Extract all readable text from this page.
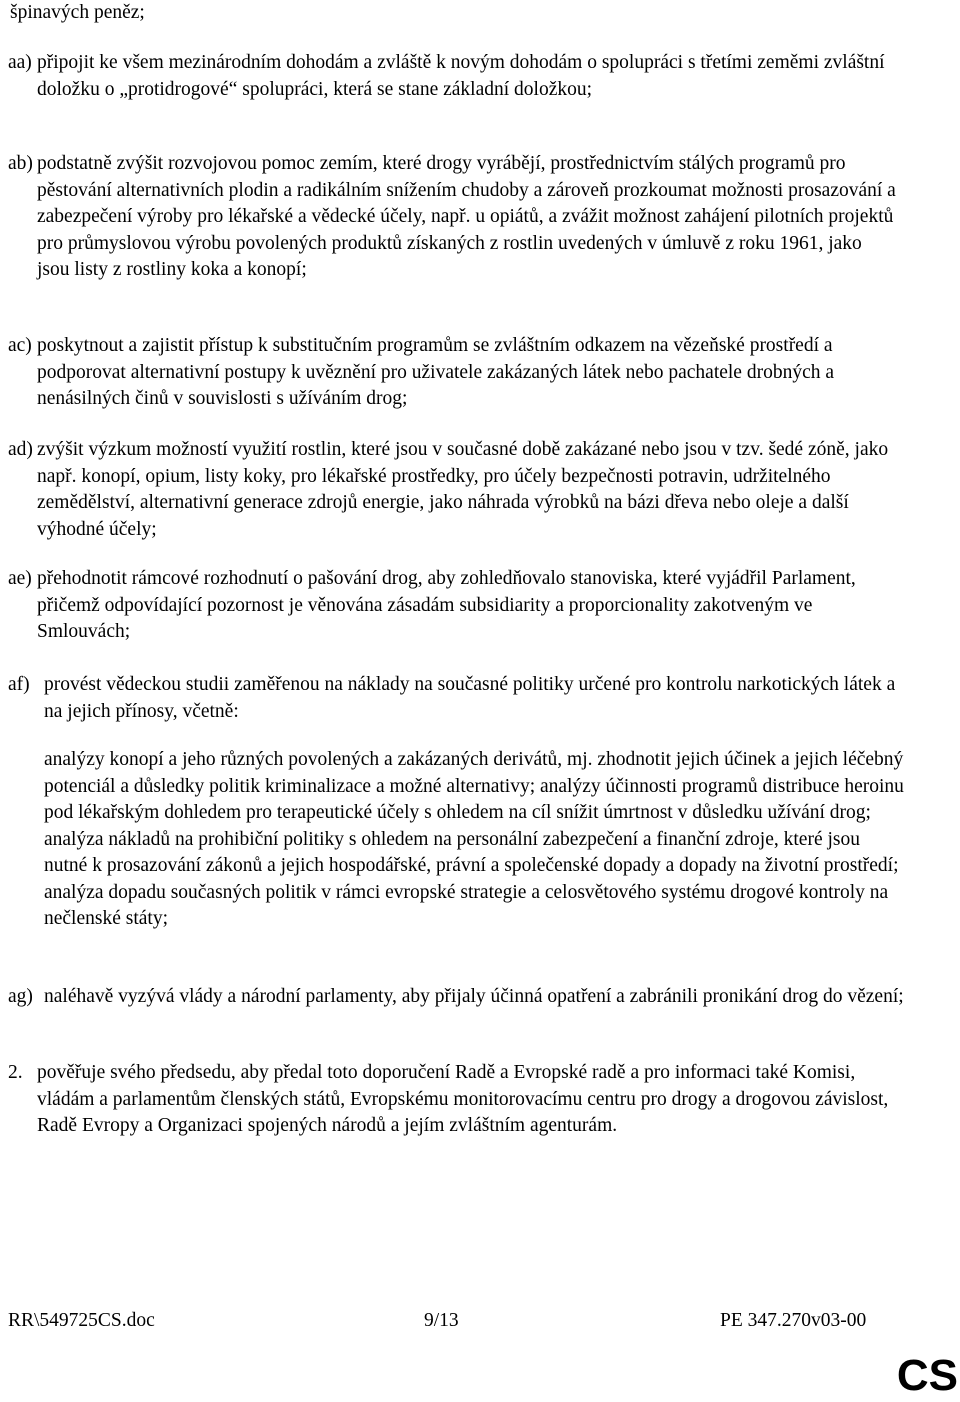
špinavých peněz;
aa) připojit ke všem mezinárodním dohodám a zvláště k novým dohodám o spolupráci s třetími zeměmi zvláštní doložku o „protidrogové“ spolupráci, která se stane základní doložkou;
ab) podstatně zvýšit rozvojovou pomoc zemím, které drogy vyrábějí, prostřednictvím stálých programů pro pěstování alternativních plodin a radikálním snížením chudoby a zároveň prozkoumat možnosti prosazování a zabezpečení výroby pro lékařské a vědecké účely, např. u opiátů, a zvážit možnost zahájení pilotních projektů pro průmyslovou výrobu povolených produktů získaných z rostlin uvedených v úmluvě z roku 1961, jako jsou listy z rostliny koka a konopí;
ac) poskytnout a zajistit přístup k substitučním programům se zvláštním odkazem na vězeňské prostředí a podporovat alternativní postupy k uvěznění pro uživatele zakázaných látek nebo pachatele drobných a nenásilných činů v souvislosti s užíváním drog;
ad) zvýšit výzkum možností využití rostlin, které jsou v současné době zakázané nebo jsou v tzv. šedé zóně, jako např. konopí, opium, listy koky, pro lékařské prostředky, pro účely bezpečnosti potravin, udržitelného zemědělství, alternativní generace zdrojů energie, jako náhrada výrobků na bázi dřeva nebo oleje a další výhodné účely;
ae) přehodnotit rámcové rozhodnutí o pašování drog, aby zohledňovalo stanoviska, které vyjádřil Parlament, přičemž odpovídající pozornost je věnována zásadám subsidiarity a proporcionality zakotveným ve Smlouvách;
af) provést vědeckou studii zaměřenou na náklady na současné politiky určené pro kontrolu narkotických látek a na jejich přínosy, včetně:
analýzy konopí a jeho různých povolených a zakázaných derivátů, mj. zhodnotit jejich účinek a jejich léčebný potenciál a důsledky politik kriminalizace a možné alternativy; analýzy účinnosti programů distribuce heroinu pod lékařským dohledem pro terapeutické účely s ohledem na cíl snížit úmrtnost v důsledku užívání drog; analýza nákladů na prohibiční politiky s ohledem na personální zabezpečení a finanční zdroje, které jsou nutné k prosazování zákonů a jejich hospodářské, právní a společenské dopady a dopady na životní prostředí; analýza dopadu současných politik v rámci evropské strategie a celosvětového systému drogové kontroly na nečlenské státy;
ag) naléhavě vyzývá vlády a národní parlamenty, aby přijaly účinná opatření a zabránili pronikání drog do vězení;
2. pověřuje svého předsedu, aby předal toto doporučení Radě a Evropské radě a pro informaci také Komisi, vládám a parlamentům členských států, Evropskému monitorovacímu centru pro drogy a drogovou závislost, Radě Evropy a Organizaci spojených národů a jejím zvláštním agenturám.
RR\549725CS.doc	9/13	PE 347.270v03-00
CS
